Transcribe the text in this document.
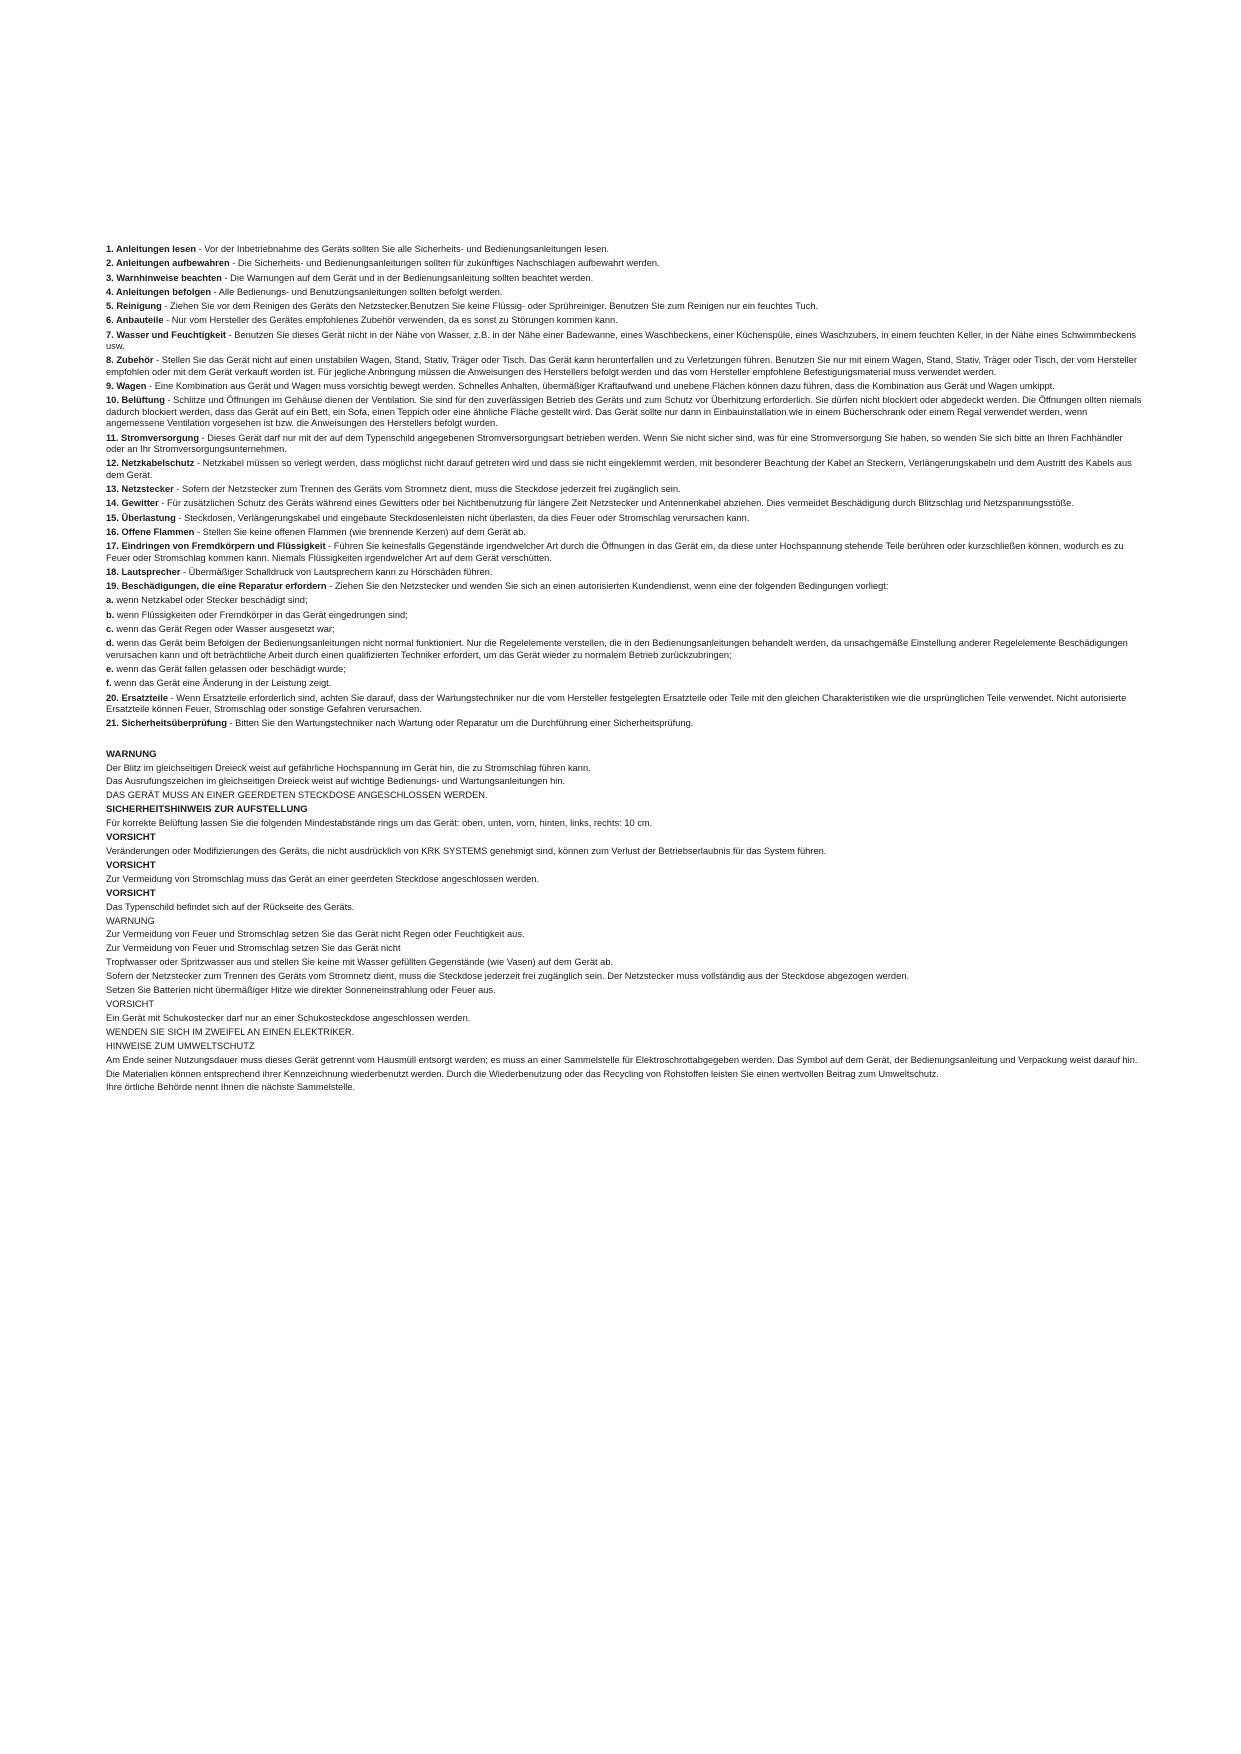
1. Anleitungen lesen - Vor der Inbetriebnahme des Geräts sollten Sie alle Sicherheits- und Bedienungsanleitungen lesen.

2. Anleitungen aufbewahren - Die Sicherheits- und Bedienungsanleitungen sollten für zukünftiges Nachschlagen aufbewahrt werden.

3. Warnhinweise beachten - Die Warnungen auf dem Gerät und in der Bedienungsanleitung sollten beachtet werden.

4. Anleitungen befolgen - Alle Bedienungs- und Benutzungsanleitungen sollten befolgt werden.

5. Reinigung - Ziehen Sie vor dem Reinigen des Geräts den Netzstecker.Benutzen Sie keine Flüssig- oder Sprühreiniger. Benutzen Sie zum Reinigen nur ein feuchtes Tuch.

6. Anbauteile - Nur vom Hersteller des Gerätes empfohlenes Zubehör verwenden, da es sonst zu Störungen kommen kann.

7. Wasser und Feuchtigkeit - Benutzen Sie dieses Gerät nicht in der Nähe von Wasser, z.B. in der Nähe einer Badewanne, eines Waschbeckens, einer Küchenspüle, eines Waschzubers, in einem feuchten Keller, in der Nähe eines Schwimmbeckens usw.

8. Zubehör - Stellen Sie das Gerät nicht auf einen unstabilen Wagen, Stand, Stativ, Träger oder Tisch. Das Gerät kann herunterfallen und zu Verletzungen führen. Benutzen Sie nur mit einem Wagen, Stand, Stativ, Träger oder Tisch, der vom Hersteller empfohlen oder mit dem Gerät verkauft worden ist. Für jegliche Anbringung müssen die Anweisungen des Herstellers befolgt werden und das vom Hersteller empfohlene Befestigungsmaterial muss verwendet werden.

9. Wagen - Eine Kombination aus Gerät und Wagen muss vorsichtig bewegt werden. Schnelles Anhalten, übermäßiger Kraftaufwand und unebene Flächen können dazu führen, dass die Kombination aus Gerät und Wagen umkippt.

10. Belüftung - Schlitze und Öffnungen im Gehäuse dienen der Ventilation. Sie sind für den zuverlässigen Betrieb des Geräts und zum Schutz vor Überhitzung erforderlich. Sie dürfen nicht blockiert oder abgedeckt werden. Die Öffnungen ollten niemals dadurch blockiert werden, dass das Gerät auf ein Bett, ein Sofa, einen Teppich oder eine ähnliche Fläche gestellt wird. Das Gerät sollte nur dann in Einbauinstallation wie in einem Bücherschrank oder einem Regal verwendet werden, wenn angemessene Ventilation vorgesehen ist bzw. die Anweisungen des Herstellers befolgt wurden.

11. Stromversorgung - Dieses Gerät darf nur mit der auf dem Typenschild angegebenen Stromversorgungsart betrieben werden. Wenn Sie nicht sicher sind, was für eine Stromversorgung Sie haben, so wenden Sie sich bitte an Ihren Fachhändler oder an Ihr Stromversorgungsunternehmen.

12. Netzkabelschutz - Netzkabel müssen so verlegt werden, dass möglichst nicht darauf getreten wird und dass sie nicht eingeklemmt werden, mit besonderer Beachtung der Kabel an Steckern, Verlängerungskabeln und dem Austritt des Kabels aus dem Gerät.

13. Netzstecker - Sofern der Netzstecker zum Trennen des Geräts vom Stromnetz dient, muss die Steckdose jederzeit frei zugänglich sein.

14. Gewitter - Für zusätzlichen Schutz des Geräts während eines Gewitters oder bei Nichtbenutzung für längere Zeit Netzstecker und Antennenkabel abziehen. Dies vermeidet Beschädigung durch Blitzschlag und Netzspannungsstöße.

15. Überlastung - Steckdosen, Verlängerungskabel und eingebaute Steckdosenleisten nicht überlasten, da dies Feuer oder Stromschlag verursachen kann.

16. Offene Flammen - Stellen Sie keine offenen Flammen (wie brennende Kerzen) auf dem Gerät ab.

17. Eindringen von Fremdkörpern und Flüssigkeit - Führen Sie keinesfalls Gegenstände irgendwelcher Art durch die Öffnungen in das Gerät ein, da diese unter Hochspannung stehende Teile berühren oder kurzschließen können, wodurch es zu Feuer oder Stromschlag kommen kann. Niemals Flüssigkeiten irgendwelcher Art auf dem Gerät verschütten.

18. Lautsprecher - Übermäßiger Schalldruck von Lautsprechern kann zu Hörschäden führen.

19. Beschädigungen, die eine Reparatur erfordern - Ziehen Sie den Netzstecker und wenden Sie sich an einen autorisierten Kundendienst, wenn eine der folgenden Bedingungen vorliegt:

a. wenn Netzkabel oder Stecker beschädigt sind;

b. wenn Flüssigkeiten oder Fremdkörper in das Gerät eingedrungen sind;

c. wenn das Gerät Regen oder Wasser ausgesetzt war;

d. wenn das Gerät beim Befolgen der Bedienungsanleitungen nicht normal funktioniert. Nur die Regelelemente verstellen, die in den Bedienungsanleitungen behandelt werden, da unsachgemäße Einstellung anderer Regelelemente Beschädigungen verursachen kann und oft beträchtliche Arbeit durch einen qualifizierten Techniker erfordert, um das Gerät wieder zu normalem Betrieb zurückzubringen;

e. wenn das Gerät fallen gelassen oder beschädigt wurde;

f. wenn das Gerät eine Änderung in der Leistung zeigt.

20. Ersatzteile - Wenn Ersatzteile erforderlich sind, achten Sie darauf, dass der Wartungstechniker nur die vom Hersteller festgelegten Ersatzteile oder Teile mit den gleichen Charakteristiken wie die ursprünglichen Teile verwendet. Nicht autorisierte Ersatzteile können Feuer, Stromschlag oder sonstige Gefahren verursachen.

21. Sicherheitsüberprüfung - Bitten Sie den Wartungstechniker nach Wartung oder Reparatur um die Durchführung einer Sicherheitsprüfung.

WARNUNG

Der Blitz im gleichseitigen Dreieck weist auf gefährliche Hochspannung im Gerät hin, die zu Stromschlag führen kann.

Das Ausrufungszeichen im gleichseitigen Dreieck weist auf wichtige Bedienungs- und Wartungsanleitungen hin.

DAS GERÄT MUSS AN EINER GEERDETEN STECKDOSE ANGESCHLOSSEN WERDEN.

SICHERHEITSHINWEIS ZUR AUFSTELLUNG

Für korrekte Belüftung lassen Sie die folgenden Mindestabstände rings um das Gerät: oben, unten, vorn, hinten, links, rechts: 10 cm.

VORSICHT

Veränderungen oder Modifizierungen des Geräts, die nicht ausdrücklich von KRK SYSTEMS genehmigt sind, können zum Verlust der Betriebserlaubnis für das System führen.

VORSICHT

Zur Vermeidung von Stromschlag muss das Gerät an einer geerdeten Steckdose angeschlossen werden.

VORSICHT

Das Typenschild befindet sich auf der Rückseite des Geräts.

WARNUNG

Zur Vermeidung von Feuer und Stromschlag setzen Sie das Gerät nicht Regen oder Feuchtigkeit aus.

Zur Vermeidung von Feuer und Stromschlag setzen Sie das Gerät nicht

Tropfwasser oder Spritzwasser aus und stellen Sie keine mit Wasser gefüllten Gegenstände (wie Vasen) auf dem Gerät ab.

Sofern der Netzstecker zum Trennen des Geräts vom Stromnetz dient, muss die Steckdose jederzeit frei zugänglich sein. Der Netzstecker muss vollständig aus der Steckdose abgezogen werden.

Setzen Sie Batterien nicht übermäßiger Hitze wie direkter Sonneneinstrahlung oder Feuer aus.

VORSICHT

Ein Gerät mit Schukostecker darf nur an einer Schukosteckdose angeschlossen werden.

WENDEN SIE SICH IM ZWEIFEL AN EINEN ELEKTRIKER.

HINWEISE ZUM UMWELTSCHUTZ

Am Ende seiner Nutzungsdauer muss dieses Gerät getrennt vom Hausmüll entsorgt werden; es muss an einer Sammelstelle für Elektroschrottabgegeben werden. Das Symbol auf dem Gerät, der Bedienungsanleitung und Verpackung weist darauf hin.

Die Materialien können entsprechend ihrer Kennzeichnung wiederbenutzt werden. Durch die Wiederbenutzung oder das Recycling von Rohstoffen leisten Sie einen wertvollen Beitrag zum Umweltschutz.

Ihre örtliche Behörde nennt Ihnen die nächste Sammelstelle.
